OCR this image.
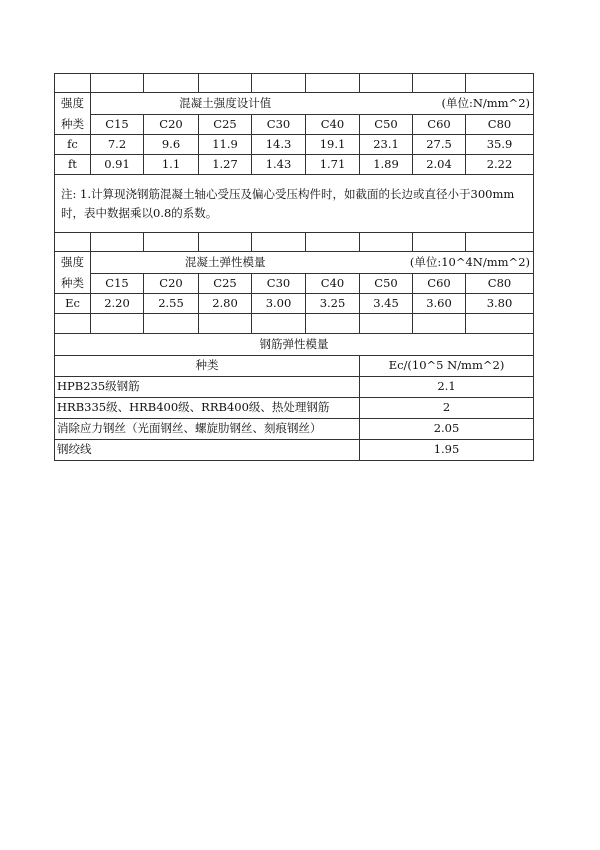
强度	混凝土强度设计值					(单位:N/mm^2)		
种类	C15	C20	C25	C30	C40	C50	C60	C80
fc	7.2	9.6	11.9	14.3	19.1	23.1	27.5	35.9
ft	0.91	1.1	1.27	1.43	1.71	1.89	2.04	2.22
注: 1.计算现浇钢筋混凝土轴心受压及偏心受压构件时，如截面的长边或直径小于300mm时，表中数据乘以0.8的系数。								

强度	混凝土弹性模量					(单位:10^4N/mm^2)		
种类	C15	C20	C25	C30	C40	C50	C60	C80
Ec	2.20	2.55	2.80	3.00	3.25	3.45	3.60	3.80

钢筋弹性模量								
种类						Ec/(10^5 N/mm^2)		
HPB235级钢筋						2.1		
HRB335级、HRB400级、RRB400级、热处理钢筋						2		
消除应力钢丝（光面钢丝、螺旋肋钢丝、刻痕钢丝）						2.05		
钢绞线						1.95		
